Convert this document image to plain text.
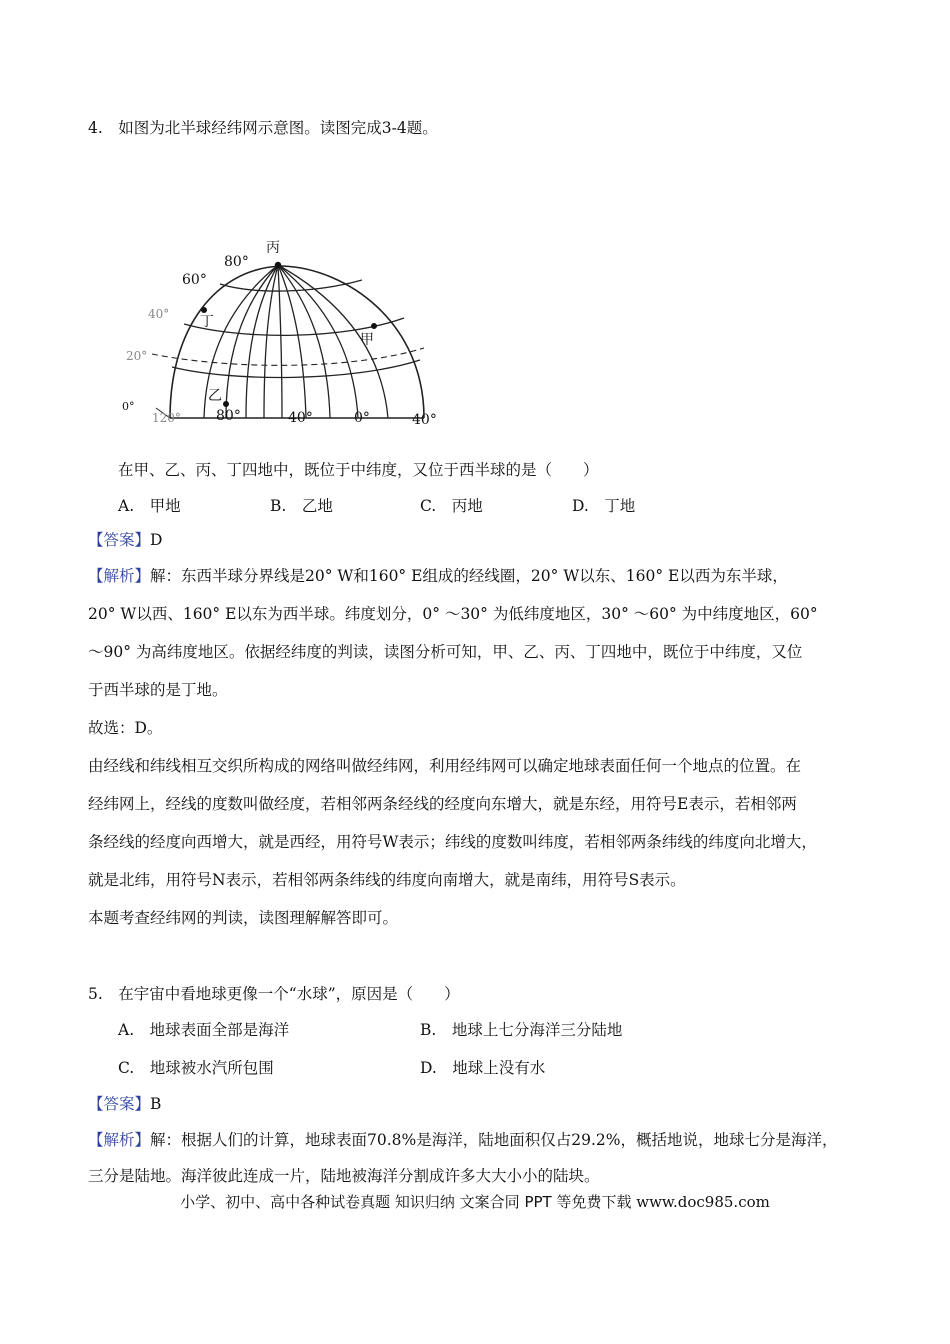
4.　如图为北半球经纬网示意图。读图完成3-4题。
丙
丁
甲
乙
80°
60°
40°
20°
0°
120°	80°	40°	0°	40°
在甲、乙、丙、丁四地中，既位于中纬度，又位于西半球的是（　　）
A.　甲地	B.　乙地	C.　丙地	D.　丁地
【答案】D
【解析】解：东西半球分界线是20° W和160° E组成的经线圈，20° W以东、160° E以西为东半球，
20° W以西、160° E以东为西半球。纬度划分，0° ～30° 为低纬度地区，30° ～60° 为中纬度地区，60°
～90° 为高纬度地区。依据经纬度的判读，读图分析可知，甲、乙、丙、丁四地中，既位于中纬度，又位
于西半球的是丁地。
故选：D。
由经线和纬线相互交织所构成的网络叫做经纬网，利用经纬网可以确定地球表面任何一个地点的位置。在
经纬网上，经线的度数叫做经度，若相邻两条经线的经度向东增大，就是东经，用符号E表示，若相邻两
条经线的经度向西增大，就是西经，用符号W表示；纬线的度数叫纬度，若相邻两条纬线的纬度向北增大，
就是北纬，用符号N表示，若相邻两条纬线的纬度向南增大，就是南纬，用符号S表示。
本题考查经纬网的判读，读图理解解答即可。
5.　在宇宙中看地球更像一个“水球”，原因是（　　）
A.　地球表面全部是海洋	B.　地球上七分海洋三分陆地
C.　地球被水汽所包围	D.　地球上没有水
【答案】B
【解析】解：根据人们的计算，地球表面70.8%是海洋，陆地面积仅占29.2%，概括地说，地球七分是海洋，
三分是陆地。海洋彼此连成一片，陆地被海洋分割成许多大大小小的陆块。
小学、初中、高中各种试卷真题 知识归纳 文案合同 PPT 等免费下载 www.doc985.com
